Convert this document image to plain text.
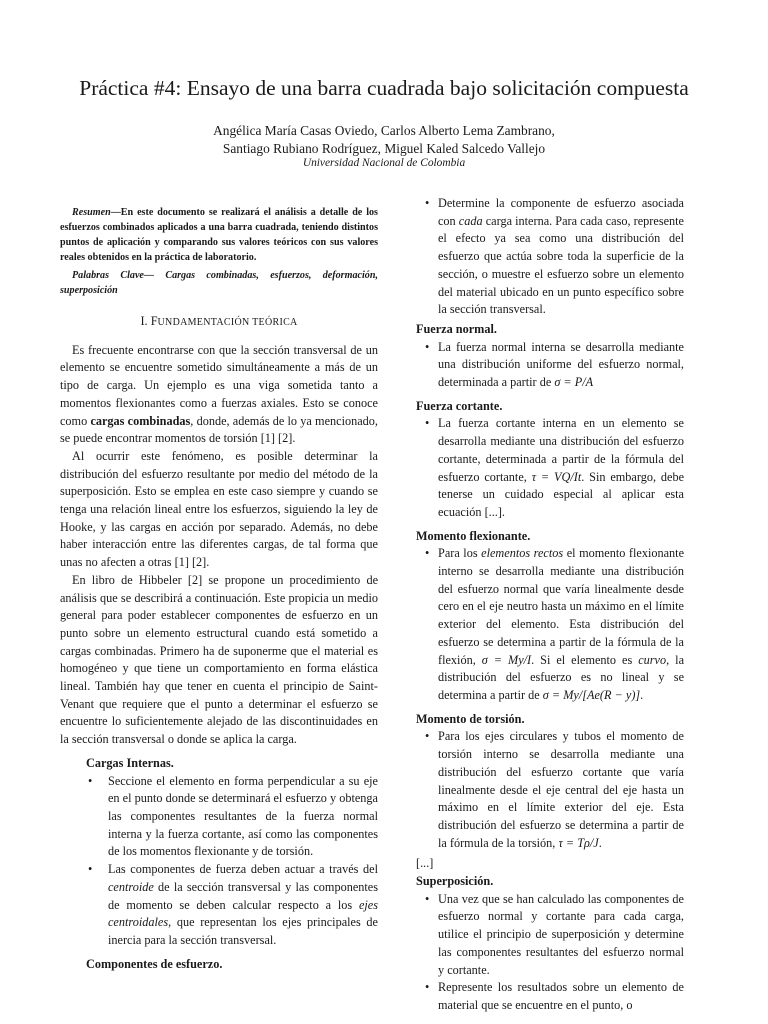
Práctica #4: Ensayo de una barra cuadrada bajo solicitación compuesta
Angélica María Casas Oviedo, Carlos Alberto Lema Zambrano,
Santiago Rubiano Rodríguez, Miguel Kaled Salcedo Vallejo
Universidad Nacional de Colombia

Resumen—En este documento se realizará el análisis a detalle de los esfuerzos combinados aplicados a una barra cuadrada, teniendo distintos puntos de aplicación y comparando sus valores teóricos con sus valores reales obtenidos en la práctica de laboratorio.

Palabras Clave— Cargas combinadas, esfuerzos, deformación, superposición

I. FUNDAMENTACIÓN TEÓRICA

Es frecuente encontrarse con que la sección transversal de un elemento se encuentre sometido simultáneamente a más de un tipo de carga. Un ejemplo es una viga sometida tanto a momentos flexionantes como a fuerzas axiales. Esto se conoce como cargas combinadas, donde, además de lo ya mencionado, se puede encontrar momentos de torsión [1] [2].

Al ocurrir este fenómeno, es posible determinar la distribución del esfuerzo resultante por medio del método de la superposición. Esto se emplea en este caso siempre y cuando se tenga una relación lineal entre los esfuerzos, siguiendo la ley de Hooke, y las cargas en acción por separado. Además, no debe haber interacción entre las diferentes cargas, de tal forma que unas no afecten a otras [1] [2].

En libro de Hibbeler [2] se propone un procedimiento de análisis que se describirá a continuación. Este propicia un medio general para poder establecer componentes de esfuerzo en un punto sobre un elemento estructural cuando está sometido a cargas combinadas. Primero ha de suponerme que el material es homogéneo y que tiene un comportamiento en forma elástica lineal. También hay que tener en cuenta el principio de Saint-Venant que requiere que el punto a determinar el esfuerzo se encuentre lo suficientemente alejado de las discontinuidades en la sección transversal o donde se aplica la carga.

Cargas Internas.
• Seccione el elemento en forma perpendicular a su eje en el punto donde se determinará el esfuerzo y obtenga las componentes resultantes de la fuerza normal interna y la fuerza cortante, así como las componentes de los momentos flexionante y de torsión.
• Las componentes de fuerza deben actuar a través del centroide de la sección transversal y las componentes de momento se deben calcular respecto a los ejes centroidales, que representan los ejes principales de inercia para la sección transversal.
Componentes de esfuerzo.
• Determine la componente de esfuerzo asociada con cada carga interna. Para cada caso, represente el efecto ya sea como una distribución del esfuerzo que actúa sobre toda la superficie de la sección, o muestre el esfuerzo sobre un elemento del material ubicado en un punto específico sobre la sección transversal.
Fuerza normal.
• La fuerza normal interna se desarrolla mediante una distribución uniforme del esfuerzo normal, determinada a partir de σ = P/A
Fuerza cortante.
• La fuerza cortante interna en un elemento se desarrolla mediante una distribución del esfuerzo cortante, determinada a partir de la fórmula del esfuerzo cortante, τ = VQ/It. Sin embargo, debe tenerse un cuidado especial al aplicar esta ecuación [...].
Momento flexionante.
• Para los elementos rectos el momento flexionante interno se desarrolla mediante una distribución del esfuerzo normal que varía linealmente desde cero en el eje neutro hasta un máximo en el límite exterior del elemento. Esta distribución del esfuerzo se determina a partir de la fórmula de la flexión, σ = My/I. Si el elemento es curvo, la distribución del esfuerzo es no lineal y se determina a partir de σ = My/[Ae(R − y)].
Momento de torsión.
• Para los ejes circulares y tubos el momento de torsión interno se desarrolla mediante una distribución del esfuerzo cortante que varía linealmente desde el eje central del eje hasta un máximo en el límite exterior del eje. Esta distribución del esfuerzo se determina a partir de la fórmula de la torsión, τ = Tρ/J.
[...]
Superposición.
• Una vez que se han calculado las componentes de esfuerzo normal y cortante para cada carga, utilice el principio de superposición y determine las componentes resultantes del esfuerzo normal y cortante.
• Represente los resultados sobre un elemento de material que se encuentre en el punto, o
